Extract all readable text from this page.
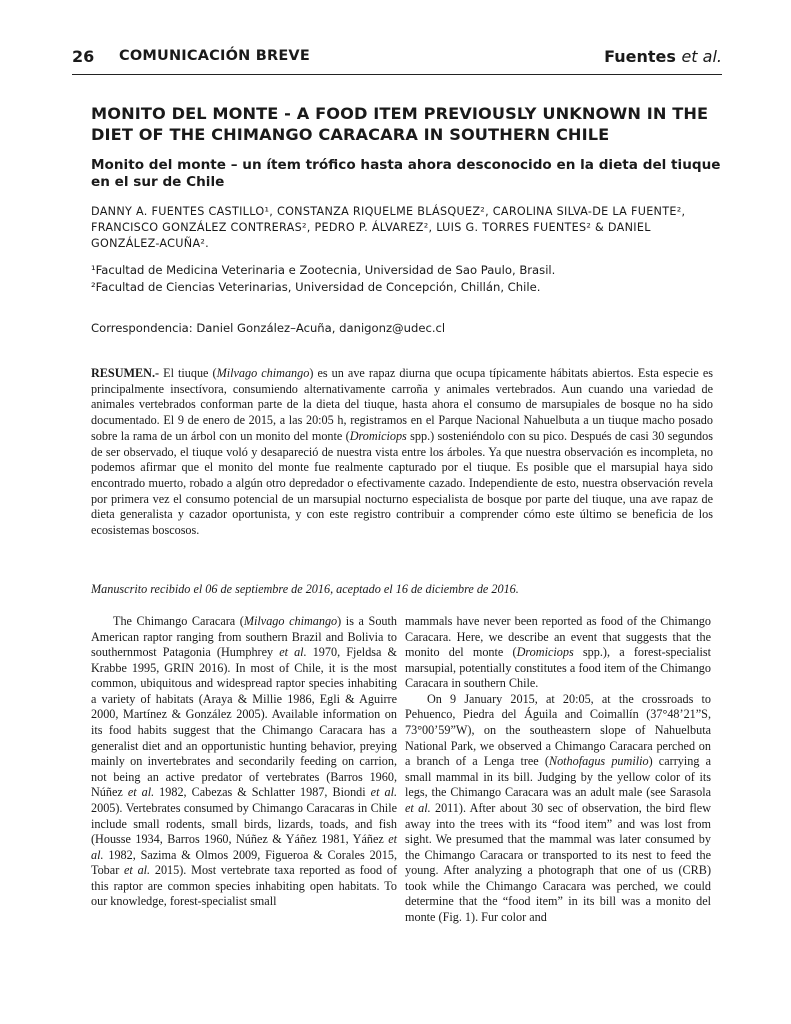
26 COMUNICACIÓN BREVE	Fuentes et al.
MONITO DEL MONTE - A FOOD ITEM PREVIOUSLY UNKNOWN IN THE DIET OF THE CHIMANGO CARACARA IN SOUTHERN CHILE
Monito del monte – un ítem trófico hasta ahora desconocido en la dieta del tiuque en el sur de Chile
DANNY A. FUENTES CASTILLO¹, CONSTANZA RIQUELME BLÁSQUEZ², CAROLINA SILVA-DE LA FUENTE², FRANCISCO GONZÁLEZ CONTRERAS², PEDRO P. ÁLVAREZ², LUIS G. TORRES FUENTES² & DANIEL GONZÁLEZ-ACUÑA².
¹Facultad de Medicina Veterinaria e Zootecnia, Universidad de Sao Paulo, Brasil.
²Facultad de Ciencias Veterinarias, Universidad de Concepción, Chillán, Chile.
Correspondencia: Daniel González–Acuña, danigonz@udec.cl
RESUMEN.- El tiuque (Milvago chimango) es un ave rapaz diurna que ocupa típicamente hábitats abiertos. Esta especie es principalmente insectívora, consumiendo alternativamente carroña y animales vertebrados. Aun cuando una variedad de animales vertebrados conforman parte de la dieta del tiuque, hasta ahora el consumo de marsupiales de bosque no ha sido documentado. El 9 de enero de 2015, a las 20:05 h, registramos en el Parque Nacional Nahuelbuta a un tiuque macho posado sobre la rama de un árbol con un monito del monte (Dromiciops spp.) sosteniéndolo con su pico. Después de casi 30 segundos de ser observado, el tiuque voló y desapareció de nuestra vista entre los árboles. Ya que nuestra observación es incompleta, no podemos afirmar que el monito del monte fue realmente capturado por el tiuque. Es posible que el marsupial haya sido encontrado muerto, robado a algún otro depredador o efectivamente cazado. Independiente de esto, nuestra observación revela por primera vez el consumo potencial de un marsupial nocturno especialista de bosque por parte del tiuque, una ave rapaz de dieta generalista y cazador oportunista, y con este registro contribuir a comprender cómo este último se beneficia de los ecosistemas boscosos.
Manuscrito recibido el 06 de septiembre de 2016, aceptado el 16 de diciembre de 2016.

The Chimango Caracara (Milvago chimango) is a South American raptor ranging from southern Brazil and Bolivia to southernmost Patagonia (Humphrey et al. 1970, Fjeldsa & Krabbe 1995, GRIN 2016). In most of Chile, it is the most common, ubiquitous and widespread raptor species inhabiting a variety of habitats (Araya & Millie 1986, Egli & Aguirre 2000, Martínez & González 2005). Available information on its food habits suggest that the Chimango Caracara has a generalist diet and an opportunistic hunting behavior, preying mainly on invertebrates and secondarily feeding on carrion, not being an active predator of vertebrates (Barros 1960, Núñez et al. 1982, Cabezas & Schlatter 1987, Biondi et al. 2005). Vertebrates consumed by Chimango Caracaras in Chile include small rodents, small birds, lizards, toads, and fish (Housse 1934, Barros 1960, Núñez & Yáñez 1981, Yáñez et al. 1982, Sazima & Olmos 2009, Figueroa & Corales 2015, Tobar et al. 2015). Most vertebrate taxa reported as food of this raptor are common species inhabiting open habitats. To our knowledge, forest-specialist small

mammals have never been reported as food of the Chimango Caracara. Here, we describe an event that suggests that the monito del monte (Dromiciops spp.), a forest-specialist marsupial, potentially constitutes a food item of the Chimango Caracara in southern Chile.

On 9 January 2015, at 20:05, at the crossroads to Pehuenco, Piedra del Águila and Coimallín (37°48’21”S, 73°00’59”W), on the southeastern slope of Nahuelbuta National Park, we observed a Chimango Caracara perched on a branch of a Lenga tree (Nothofagus pumilio) carrying a small mammal in its bill. Judging by the yellow color of its legs, the Chimango Caracara was an adult male (see Sarasola et al. 2011). After about 30 sec of observation, the bird flew away into the trees with its “food item” and was lost from sight. We presumed that the mammal was later consumed by the Chimango Caracara or transported to its nest to feed the young. After analyzing a photograph that one of us (CRB) took while the Chimango Caracara was perched, we could determine that the “food item” in its bill was a monito del monte (Fig. 1). Fur color and
